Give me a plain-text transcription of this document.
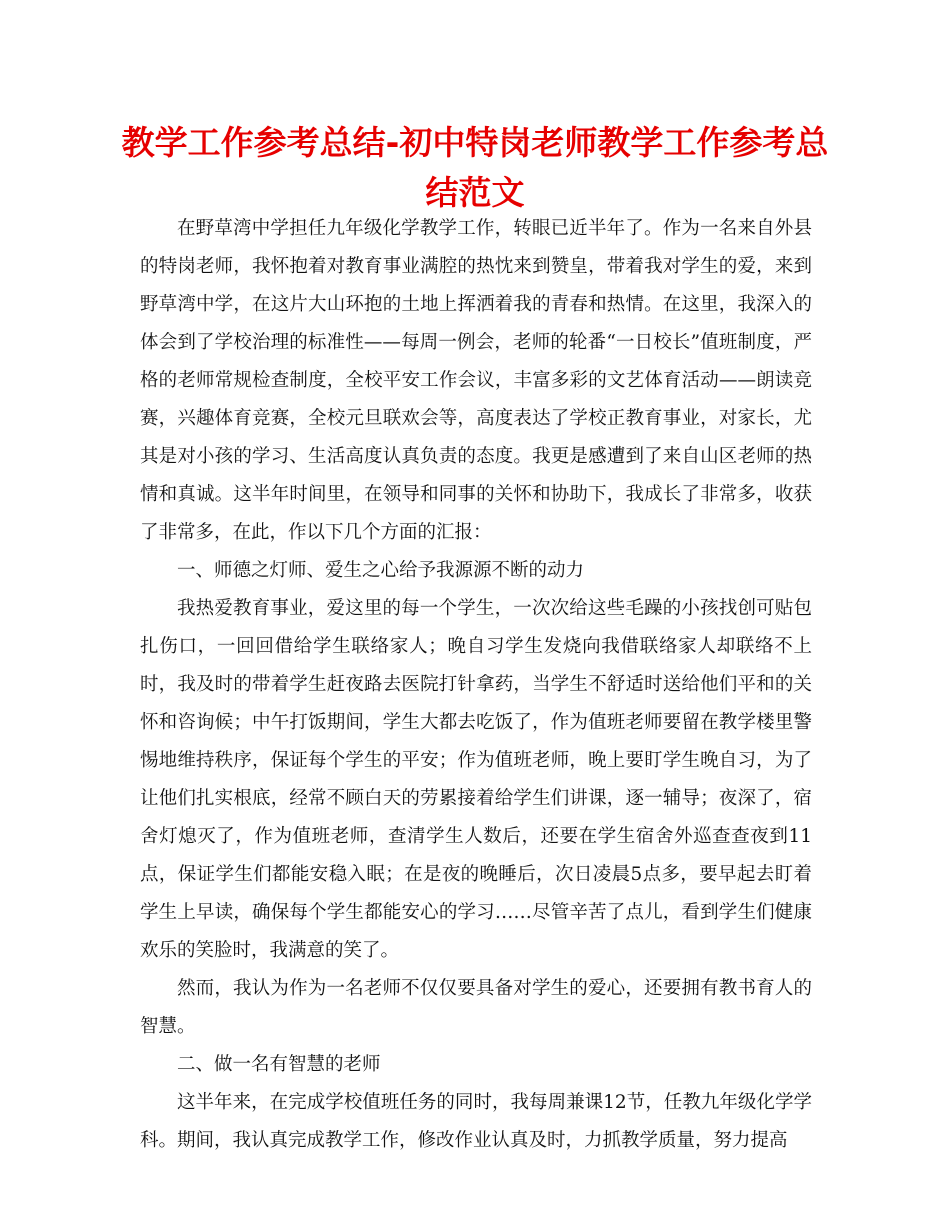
教学工作参考总结-初中特岗老师教学工作参考总结范文

在野草湾中学担任九年级化学教学工作，转眼已近半年了。作为一名来自外县的特岗老师，我怀抱着对教育事业满腔的热忱来到赞皇，带着我对学生的爱，来到野草湾中学，在这片大山环抱的土地上挥洒着我的青春和热情。在这里，我深入的体会到了学校治理的标准性——每周一例会，老师的轮番“一日校长”值班制度，严格的老师常规检查制度，全校平安工作会议，丰富多彩的文艺体育活动——朗读竞赛，兴趣体育竞赛，全校元旦联欢会等，高度表达了学校正教育事业，对家长，尤其是对小孩的学习、生活高度认真负责的态度。我更是感遭到了来自山区老师的热情和真诚。这半年时间里，在领导和同事的关怀和协助下，我成长了非常多，收获了非常多，在此，作以下几个方面的汇报：

一、师德之灯师、爱生之心给予我源源不断的动力

我热爱教育事业，爱这里的每一个学生，一次次给这些毛躁的小孩找创可贴包扎伤口，一回回借给学生联络家人；晚自习学生发烧向我借联络家人却联络不上时，我及时的带着学生赶夜路去医院打针拿药，当学生不舒适时送给他们平和的关怀和咨询候；中午打饭期间，学生大都去吃饭了，作为值班老师要留在教学楼里警惕地维持秩序，保证每个学生的平安；作为值班老师，晚上要盯学生晚自习，为了让他们扎实根底，经常不顾白天的劳累接着给学生们讲课，逐一辅导；夜深了，宿舍灯熄灭了，作为值班老师，查清学生人数后，还要在学生宿舍外巡查查夜到11点，保证学生们都能安稳入眠；在是夜的晚睡后，次日凌晨5点多，要早起去盯着学生上早读，确保每个学生都能安心的学习……尽管辛苦了点儿，看到学生们健康欢乐的笑脸时，我满意的笑了。

然而，我认为作为一名老师不仅仅要具备对学生的爱心，还要拥有教书育人的智慧。

二、做一名有智慧的老师

这半年来，在完成学校值班任务的同时，我每周兼课12节，任教九年级化学学科。期间，我认真完成教学工作，修改作业认真及时，力抓教学质量，努力提高
